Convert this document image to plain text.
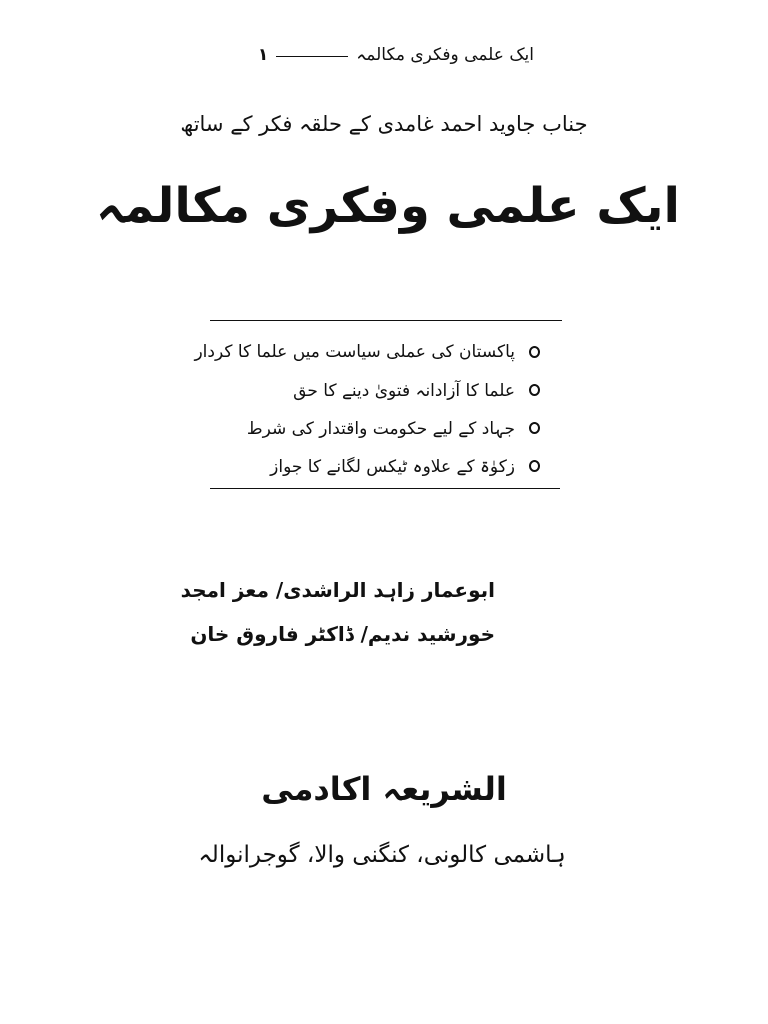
ایک علمی وفکری مکالمہ
۱
جناب جاوید احمد غامدی کے حلقہ فکر کے ساتھ
ایک علمی وفکری مکالمہ
پاکستان کی عملی سیاست میں علما کا کردار
علما کا آزادانہ فتویٰ دینے کا حق
جہاد کے لیے حکومت واقتدار کی شرط
زکوٰۃ کے علاوہ ٹیکس لگانے کا جواز
ابوعمار زاہد الراشدی/ معز امجد
خورشید ندیم/ ڈاکٹر فاروق خان
الشریعہ اکادمی
ہاشمی کالونی، کنگنی والا، گوجرانوالہ
